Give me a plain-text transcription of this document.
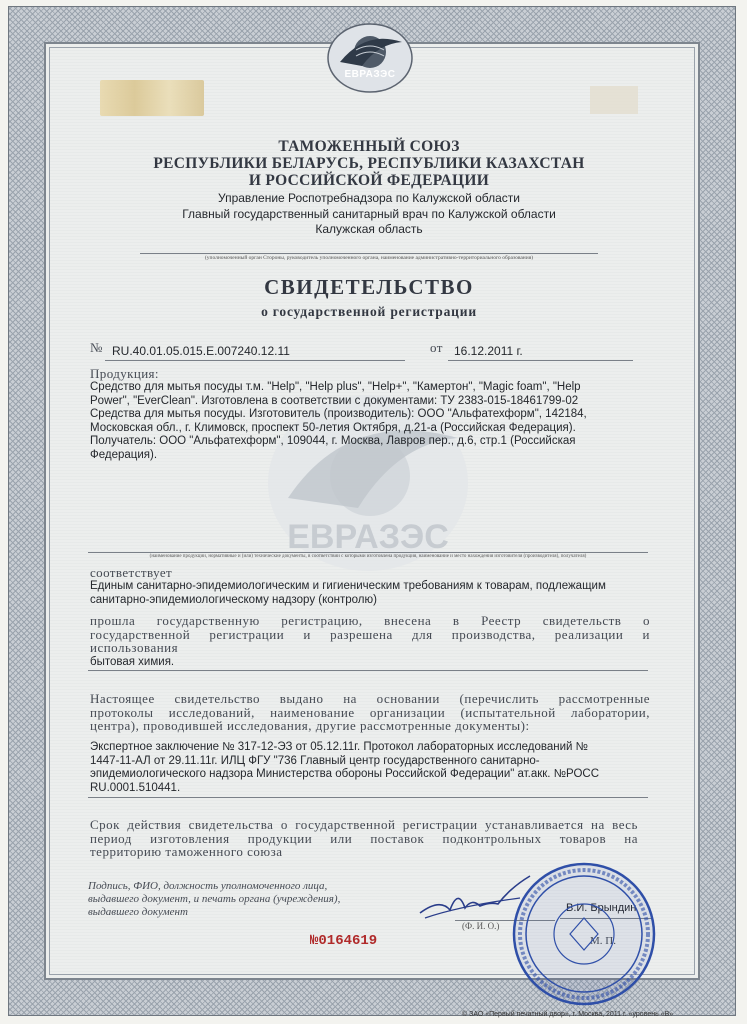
ЕВРАЗЭС
ЕВРАЗЭС
ТАМОЖЕННЫЙ СОЮЗ
РЕСПУБЛИКИ БЕЛАРУСЬ, РЕСПУБЛИКИ КАЗАХСТАН
И РОССИЙСКОЙ ФЕДЕРАЦИИ
Управление Роспотребнадзора по Калужской области
Главный государственный санитарный врач по Калужской области
Калужская область
(уполномоченный орган Стороны, руководитель уполномоченного органа, наименование административно-территориального образования)
СВИДЕТЕЛЬСТВО
о государственной регистрации
№ RU.40.01.05.015.Е.007240.12.11	от 16.12.2011 г.
Продукция:
Средство для мытья посуды т.м. "Help", "Help plus", "Help+", "Камертон", "Magic foam", "Help
Power", "EverClean". Изготовлена в соответствии с документами: ТУ 2383-015-18461799-02
Средства для мытья посуды. Изготовитель (производитель): ООО "Альфатехформ", 142184,
Московская обл., г. Климовск, проспект 50-летия Октября, д.21-а (Российская Федерация).
Получатель: ООО "Альфатехформ", 109044, г. Москва, Лавров пер., д.6, стр.1 (Российская
Федерация).
(наименование продукции, нормативные и (или) технические документы, в соответствии с которыми изготовлена продукция, наименование и место нахождения изготовителя (производителя), получателя)
соответствует
Единым санитарно-эпидемиологическим и гигиеническим требованиям к товарам, подлежащим
санитарно-эпидемиологическому надзору (контролю)
прошла государственную регистрацию, внесена в Реестр свидетельств о
государственной регистрации и разрешена для производства, реализации и
использования
бытовая химия.
Настоящее свидетельство выдано на основании (перечислить рассмотренные
протоколы исследований, наименование организации (испытательной лаборатории,
центра), проводившей исследования, другие рассмотренные документы):
Экспертное заключение № 317-12-ЭЗ от 05.12.11г. Протокол лабораторных исследований №
1447-11-АЛ от 29.11.11г. ИЛЦ ФГУ "736 Главный центр государственного санитарно-
эпидемиологического надзора Министерства обороны Российской Федерации" ат.акк. №РОСС
RU.0001.510441.
Срок действия свидетельства о государственной регистрации устанавливается на весь
период изготовления продукции или поставок подконтрольных товаров на
территорию таможенного союза
Подпись, ФИО, должность уполномоченного лица,
выдавшего документ, и печать органа (учреждения),
выдавшего документ
(Ф. И. О.)
№0164619
© ЗАО «Первый печатный двор», г. Москва, 2011 г. «уровень «В»
